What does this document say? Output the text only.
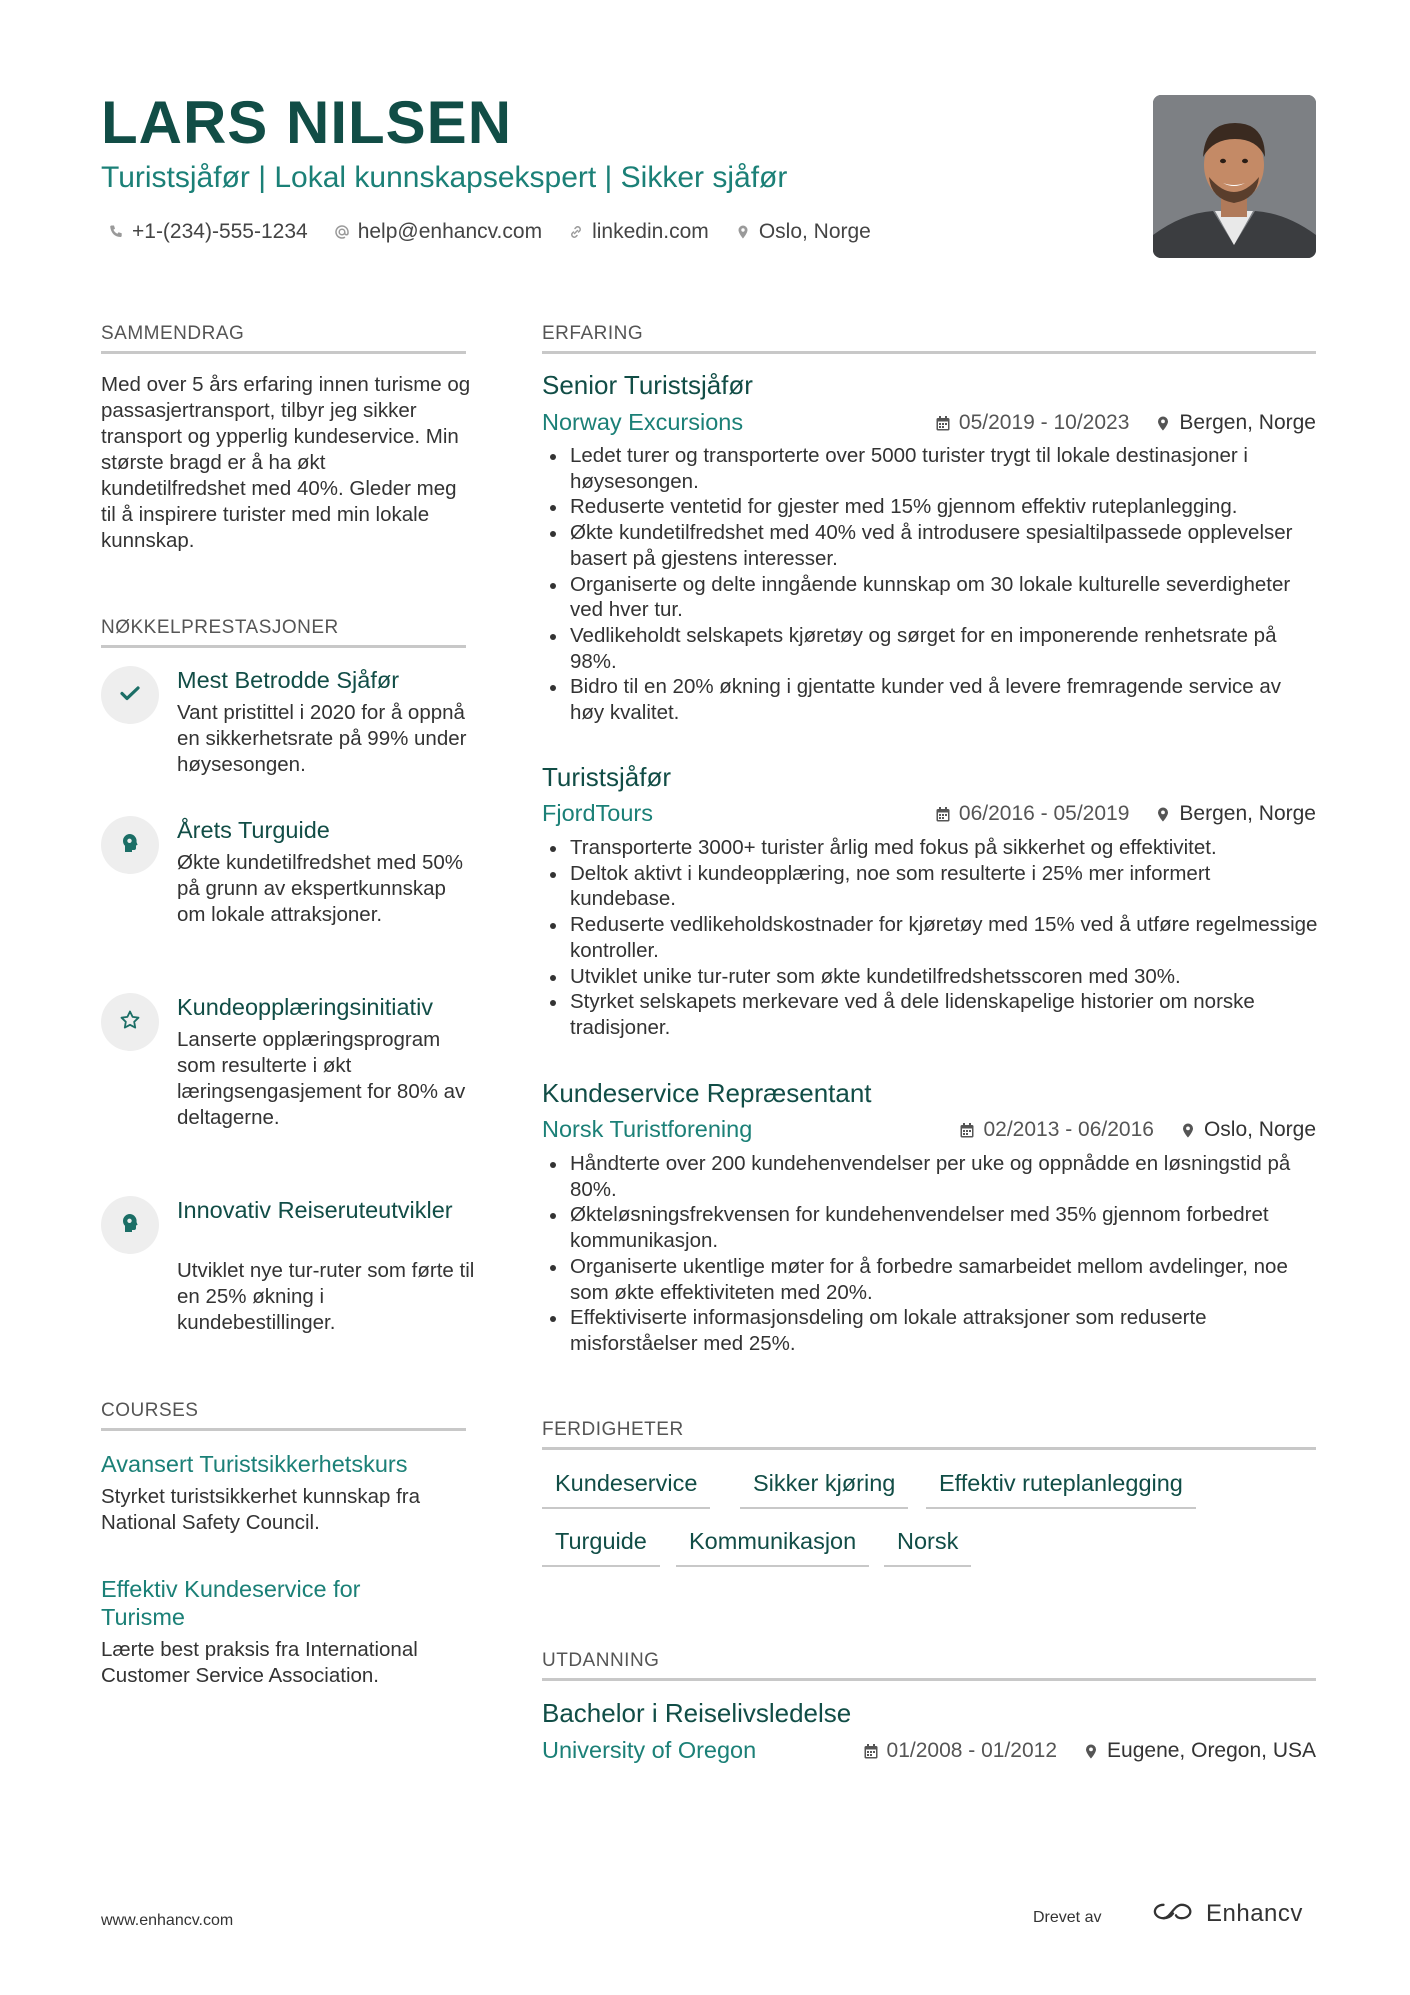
LARS NILSEN
Turistsjåfør | Lokal kunnskapsekspert | Sikker sjåfør
+1-(234)-555-1234 help@enhancv.com linkedin.com Oslo, Norge
SAMMENDRAG
Med over 5 års erfaring innen turisme og passasjertransport, tilbyr jeg sikker transport og ypperlig kundeservice. Min største bragd er å ha økt kundetilfredshet med 40%. Gleder meg til å inspirere turister med min lokale kunnskap.
NØKKELPRESTASJONER
Mest Betrodde Sjåfør
Vant pristittel i 2020 for å oppnå en sikkerhetsrate på 99% under høysesongen.
Årets Turguide
Økte kundetilfredshet med 50% på grunn av ekspertkunnskap om lokale attraksjoner.
Kundeopplæringsinitiativ
Lanserte opplæringsprogram som resulterte i økt læringsengasjement for 80% av deltagerne.
Innovativ Reiseruteutvikler
Utviklet nye tur-ruter som førte til en 25% økning i kundebestillinger.
COURSES
Avansert Turistsikkerhetskurs
Styrket turistsikkerhet kunnskap fra National Safety Council.
Effektiv Kundeservice for Turisme
Lærte best praksis fra International Customer Service Association.
ERFARING
Senior Turistsjåfør
Norway Excursions	05/2019 - 10/2023 Bergen, Norge
Ledet turer og transporterte over 5000 turister trygt til lokale destinasjoner i høysesongen.
Reduserte ventetid for gjester med 15% gjennom effektiv ruteplanlegging.
Økte kundetilfredshet med 40% ved å introdusere spesialtilpassede opplevelser basert på gjestens interesser.
Organiserte og delte inngående kunnskap om 30 lokale kulturelle severdigheter ved hver tur.
Vedlikeholdt selskapets kjøretøy og sørget for en imponerende renhetsrate på 98%.
Bidro til en 20% økning i gjentatte kunder ved å levere fremragende service av høy kvalitet.
Turistsjåfør
FjordTours	06/2016 - 05/2019 Bergen, Norge
Transporterte 3000+ turister årlig med fokus på sikkerhet og effektivitet.
Deltok aktivt i kundeopplæring, noe som resulterte i 25% mer informert kundebase.
Reduserte vedlikeholdskostnader for kjøretøy med 15% ved å utføre regelmessige kontroller.
Utviklet unike tur-ruter som økte kundetilfredshetsscoren med 30%.
Styrket selskapets merkevare ved å dele lidenskapelige historier om norske tradisjoner.
Kundeservice Repræsentant
Norsk Turistforening	02/2013 - 06/2016 Oslo, Norge
Håndterte over 200 kundehenvendelser per uke og oppnådde en løsningstid på 80%.
Økteløsningsfrekvensen for kundehenvendelser med 35% gjennom forbedret kommunikasjon.
Organiserte ukentlige møter for å forbedre samarbeidet mellom avdelinger, noe som økte effektiviteten med 20%.
Effektiviserte informasjonsdeling om lokale attraksjoner som reduserte misforståelser med 25%.
FERDIGHETER
Kundeservice	Sikker kjøring	Effektiv ruteplanlegging
Turguide	Kommunikasjon	Norsk
UTDANNING
Bachelor i Reiselivsledelse
University of Oregon	01/2008 - 01/2012 Eugene, Oregon, USA
www.enhancv.com	Drevet av	Enhancv
